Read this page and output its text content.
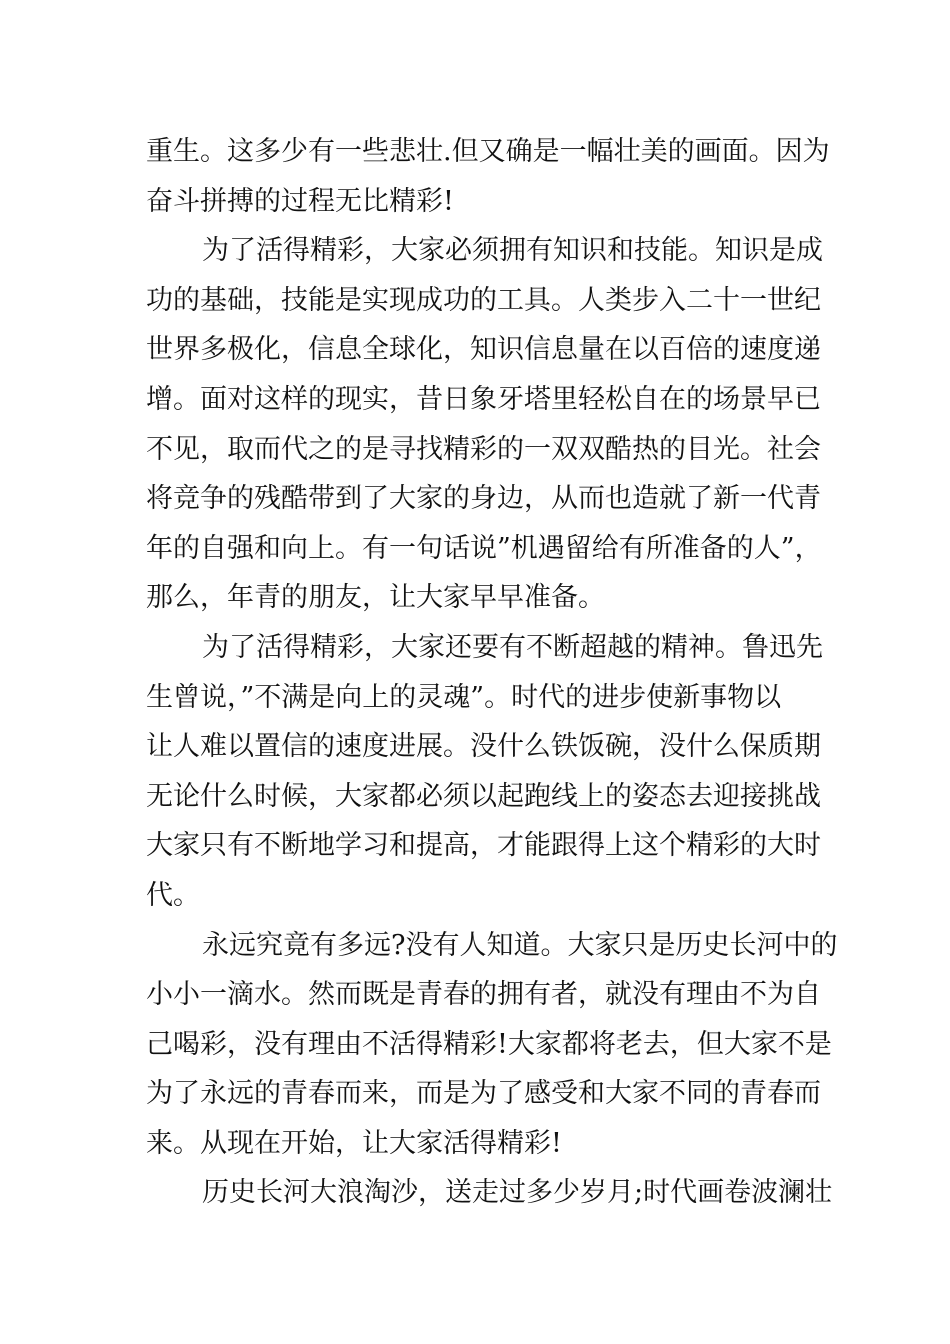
重生。这多少有一些悲壮.但又确是一幅壮美的画面。因为
奋斗拼搏的过程无比精彩!
为了活得精彩，大家必须拥有知识和技能。知识是成
功的基础，技能是实现成功的工具。人类步入二十一世纪
世界多极化，信息全球化，知识信息量在以百倍的速度递
增。面对这样的现实，昔日象牙塔里轻松自在的场景早已
不见，取而代之的是寻找精彩的一双双酷热的目光。社会
将竞争的残酷带到了大家的身边，从而也造就了新一代青
年的自强和向上。有一句话说”机遇留给有所准备的人”，
那么，年青的朋友，让大家早早准备。
为了活得精彩，大家还要有不断超越的精神。鲁迅先
生曾说，”不满是向上的灵魂”。时代的进步使新事物以
让人难以置信的速度进展。没什么铁饭碗，没什么保质期
无论什么时候，大家都必须以起跑线上的姿态去迎接挑战
大家只有不断地学习和提高，才能跟得上这个精彩的大时
代。
永远究竟有多远?没有人知道。大家只是历史长河中的
小小一滴水。然而既是青春的拥有者，就没有理由不为自
己喝彩，没有理由不活得精彩!大家都将老去，但大家不是
为了永远的青春而来，而是为了感受和大家不同的青春而
来。从现在开始，让大家活得精彩!
历史长河大浪淘沙，送走过多少岁月;时代画卷波澜壮
